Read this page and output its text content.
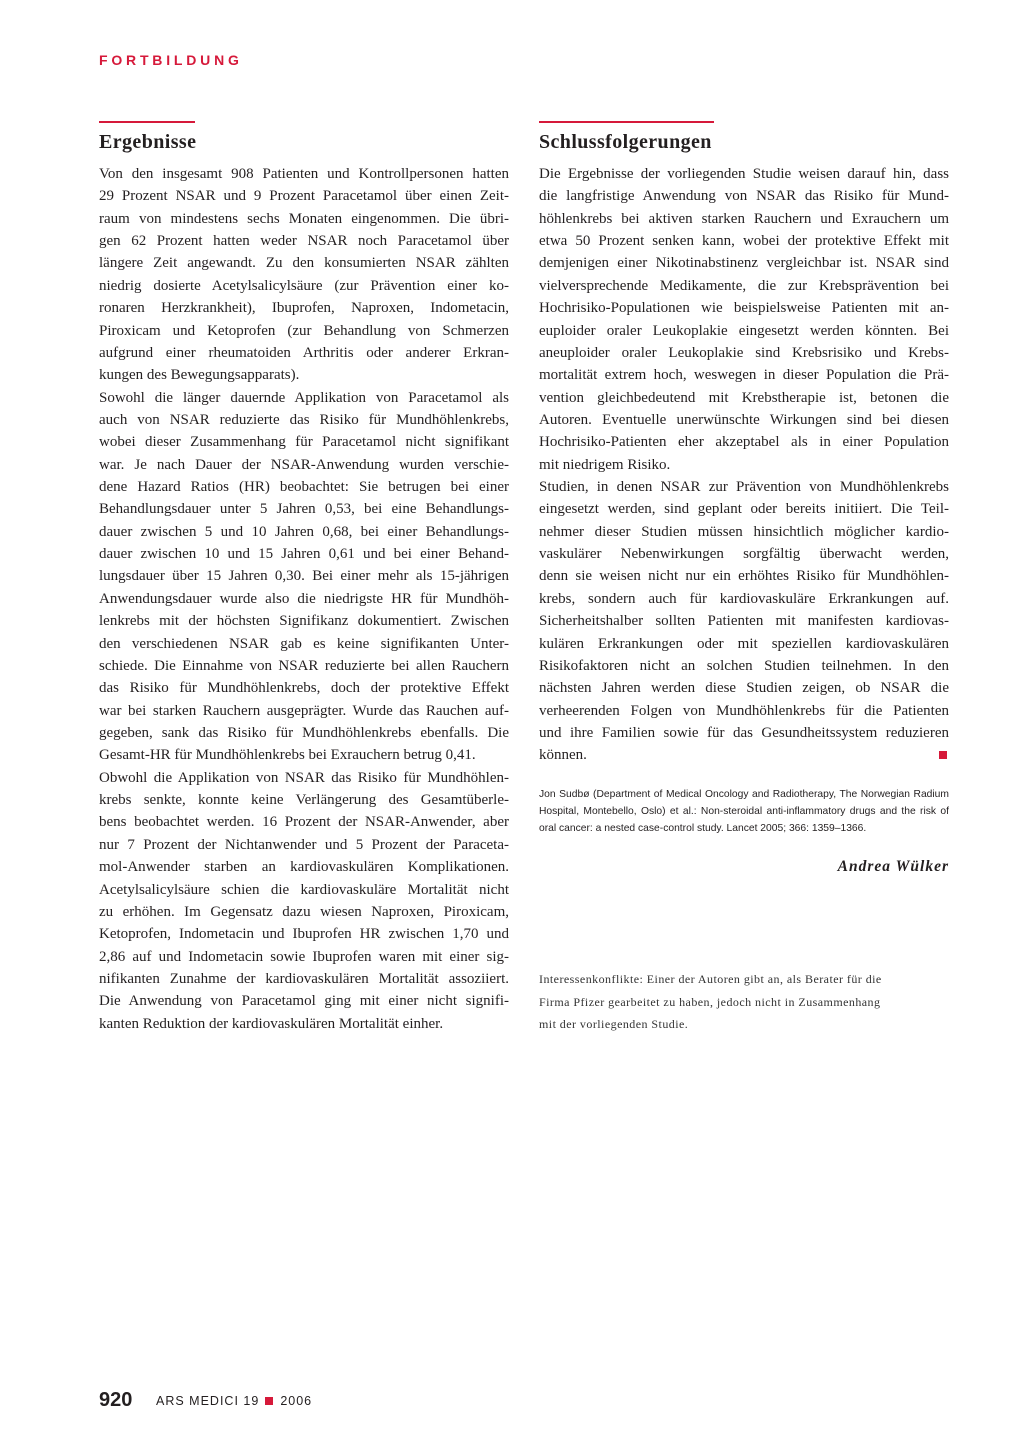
FORTBILDUNG
Ergebnisse
Von den insgesamt 908 Patienten und Kontrollpersonen hatten
29 Prozent NSAR und 9 Prozent Paracetamol über einen Zeit-
raum von mindestens sechs Monaten eingenommen. Die übri-
gen 62 Prozent hatten weder NSAR noch Paracetamol über
längere Zeit angewandt. Zu den konsumierten NSAR zählten
niedrig dosierte Acetylsalicylsäure (zur Prävention einer ko-
ronaren Herzkrankheit), Ibuprofen, Naproxen, Indometacin,
Piroxicam und Ketoprofen (zur Behandlung von Schmerzen
aufgrund einer rheumatoiden Arthritis oder anderer Erkran-
kungen des Bewegungsapparats).
Sowohl die länger dauernde Applikation von Paracetamol als
auch von NSAR reduzierte das Risiko für Mundhöhlenkrebs,
wobei dieser Zusammenhang für Paracetamol nicht signifikant
war. Je nach Dauer der NSAR-Anwendung wurden verschie-
dene Hazard Ratios (HR) beobachtet: Sie betrugen bei einer
Behandlungsdauer unter 5 Jahren 0,53, bei eine Behandlungs-
dauer zwischen 5 und 10 Jahren 0,68, bei einer Behandlungs-
dauer zwischen 10 und 15 Jahren 0,61 und bei einer Behand-
lungsdauer über 15 Jahren 0,30. Bei einer mehr als 15-jährigen
Anwendungsdauer wurde also die niedrigste HR für Mundhöh-
lenkrebs mit der höchsten Signifikanz dokumentiert. Zwischen
den verschiedenen NSAR gab es keine signifikanten Unter-
schiede. Die Einnahme von NSAR reduzierte bei allen Rauchern
das Risiko für Mundhöhlenkrebs, doch der protektive Effekt
war bei starken Rauchern ausgeprägter. Wurde das Rauchen auf-
gegeben, sank das Risiko für Mundhöhlenkrebs ebenfalls. Die
Gesamt-HR für Mundhöhlenkrebs bei Exrauchern betrug 0,41.
Obwohl die Applikation von NSAR das Risiko für Mundhöhlen-
krebs senkte, konnte keine Verlängerung des Gesamtüberle-
bens beobachtet werden. 16 Prozent der NSAR-Anwender, aber
nur 7 Prozent der Nichtanwender und 5 Prozent der Paraceta-
mol-Anwender starben an kardiovaskulären Komplikationen.
Acetylsalicylsäure schien die kardiovaskuläre Mortalität nicht
zu erhöhen. Im Gegensatz dazu wiesen Naproxen, Piroxicam,
Ketoprofen, Indometacin und Ibuprofen HR zwischen 1,70 und
2,86 auf und Indometacin sowie Ibuprofen waren mit einer sig-
nifikanten Zunahme der kardiovaskulären Mortalität assoziiert.
Die Anwendung von Paracetamol ging mit einer nicht signifi-
kanten Reduktion der kardiovaskulären Mortalität einher.
Schlussfolgerungen
Die Ergebnisse der vorliegenden Studie weisen darauf hin, dass
die langfristige Anwendung von NSAR das Risiko für Mund-
höhlenkrebs bei aktiven starken Rauchern und Exrauchern um
etwa 50 Prozent senken kann, wobei der protektive Effekt mit
demjenigen einer Nikotinabstinenz vergleichbar ist. NSAR sind
vielversprechende Medikamente, die zur Krebsprävention bei
Hochrisiko-Populationen wie beispielsweise Patienten mit an-
euploider oraler Leukoplakie eingesetzt werden könnten. Bei
aneuploider oraler Leukoplakie sind Krebsrisiko und Krebs-
mortalität extrem hoch, weswegen in dieser Population die Prä-
vention gleichbedeutend mit Krebstherapie ist, betonen die
Autoren. Eventuelle unerwünschte Wirkungen sind bei diesen
Hochrisiko-Patienten eher akzeptabel als in einer Population
mit niedrigem Risiko.
Studien, in denen NSAR zur Prävention von Mundhöhlenkrebs
eingesetzt werden, sind geplant oder bereits initiiert. Die Teil-
nehmer dieser Studien müssen hinsichtlich möglicher kardio-
vaskulärer Nebenwirkungen sorgfältig überwacht werden,
denn sie weisen nicht nur ein erhöhtes Risiko für Mundhöhlen-
krebs, sondern auch für kardiovaskuläre Erkrankungen auf.
Sicherheitshalber sollten Patienten mit manifesten kardiovas-
kulären Erkrankungen oder mit speziellen kardiovaskulären
Risikofaktoren nicht an solchen Studien teilnehmen. In den
nächsten Jahren werden diese Studien zeigen, ob NSAR die
verheerenden Folgen von Mundhöhlenkrebs für die Patienten
und ihre Familien sowie für das Gesundheitssystem reduzieren
können.
Jon Sudbø (Department of Medical Oncology and Radiotherapy, The Norwegian Radium
Hospital, Montebello, Oslo) et al.: Non-steroidal anti-inflammatory drugs and the risk of
oral cancer: a nested case-control study. Lancet 2005; 366: 1359–1366.
Andrea Wülker
Interessenkonflikte: Einer der Autoren gibt an, als Berater für die
Firma Pfizer gearbeitet zu haben, jedoch nicht in Zusammenhang
mit der vorliegenden Studie.
920 ARS MEDICI 19 2006
